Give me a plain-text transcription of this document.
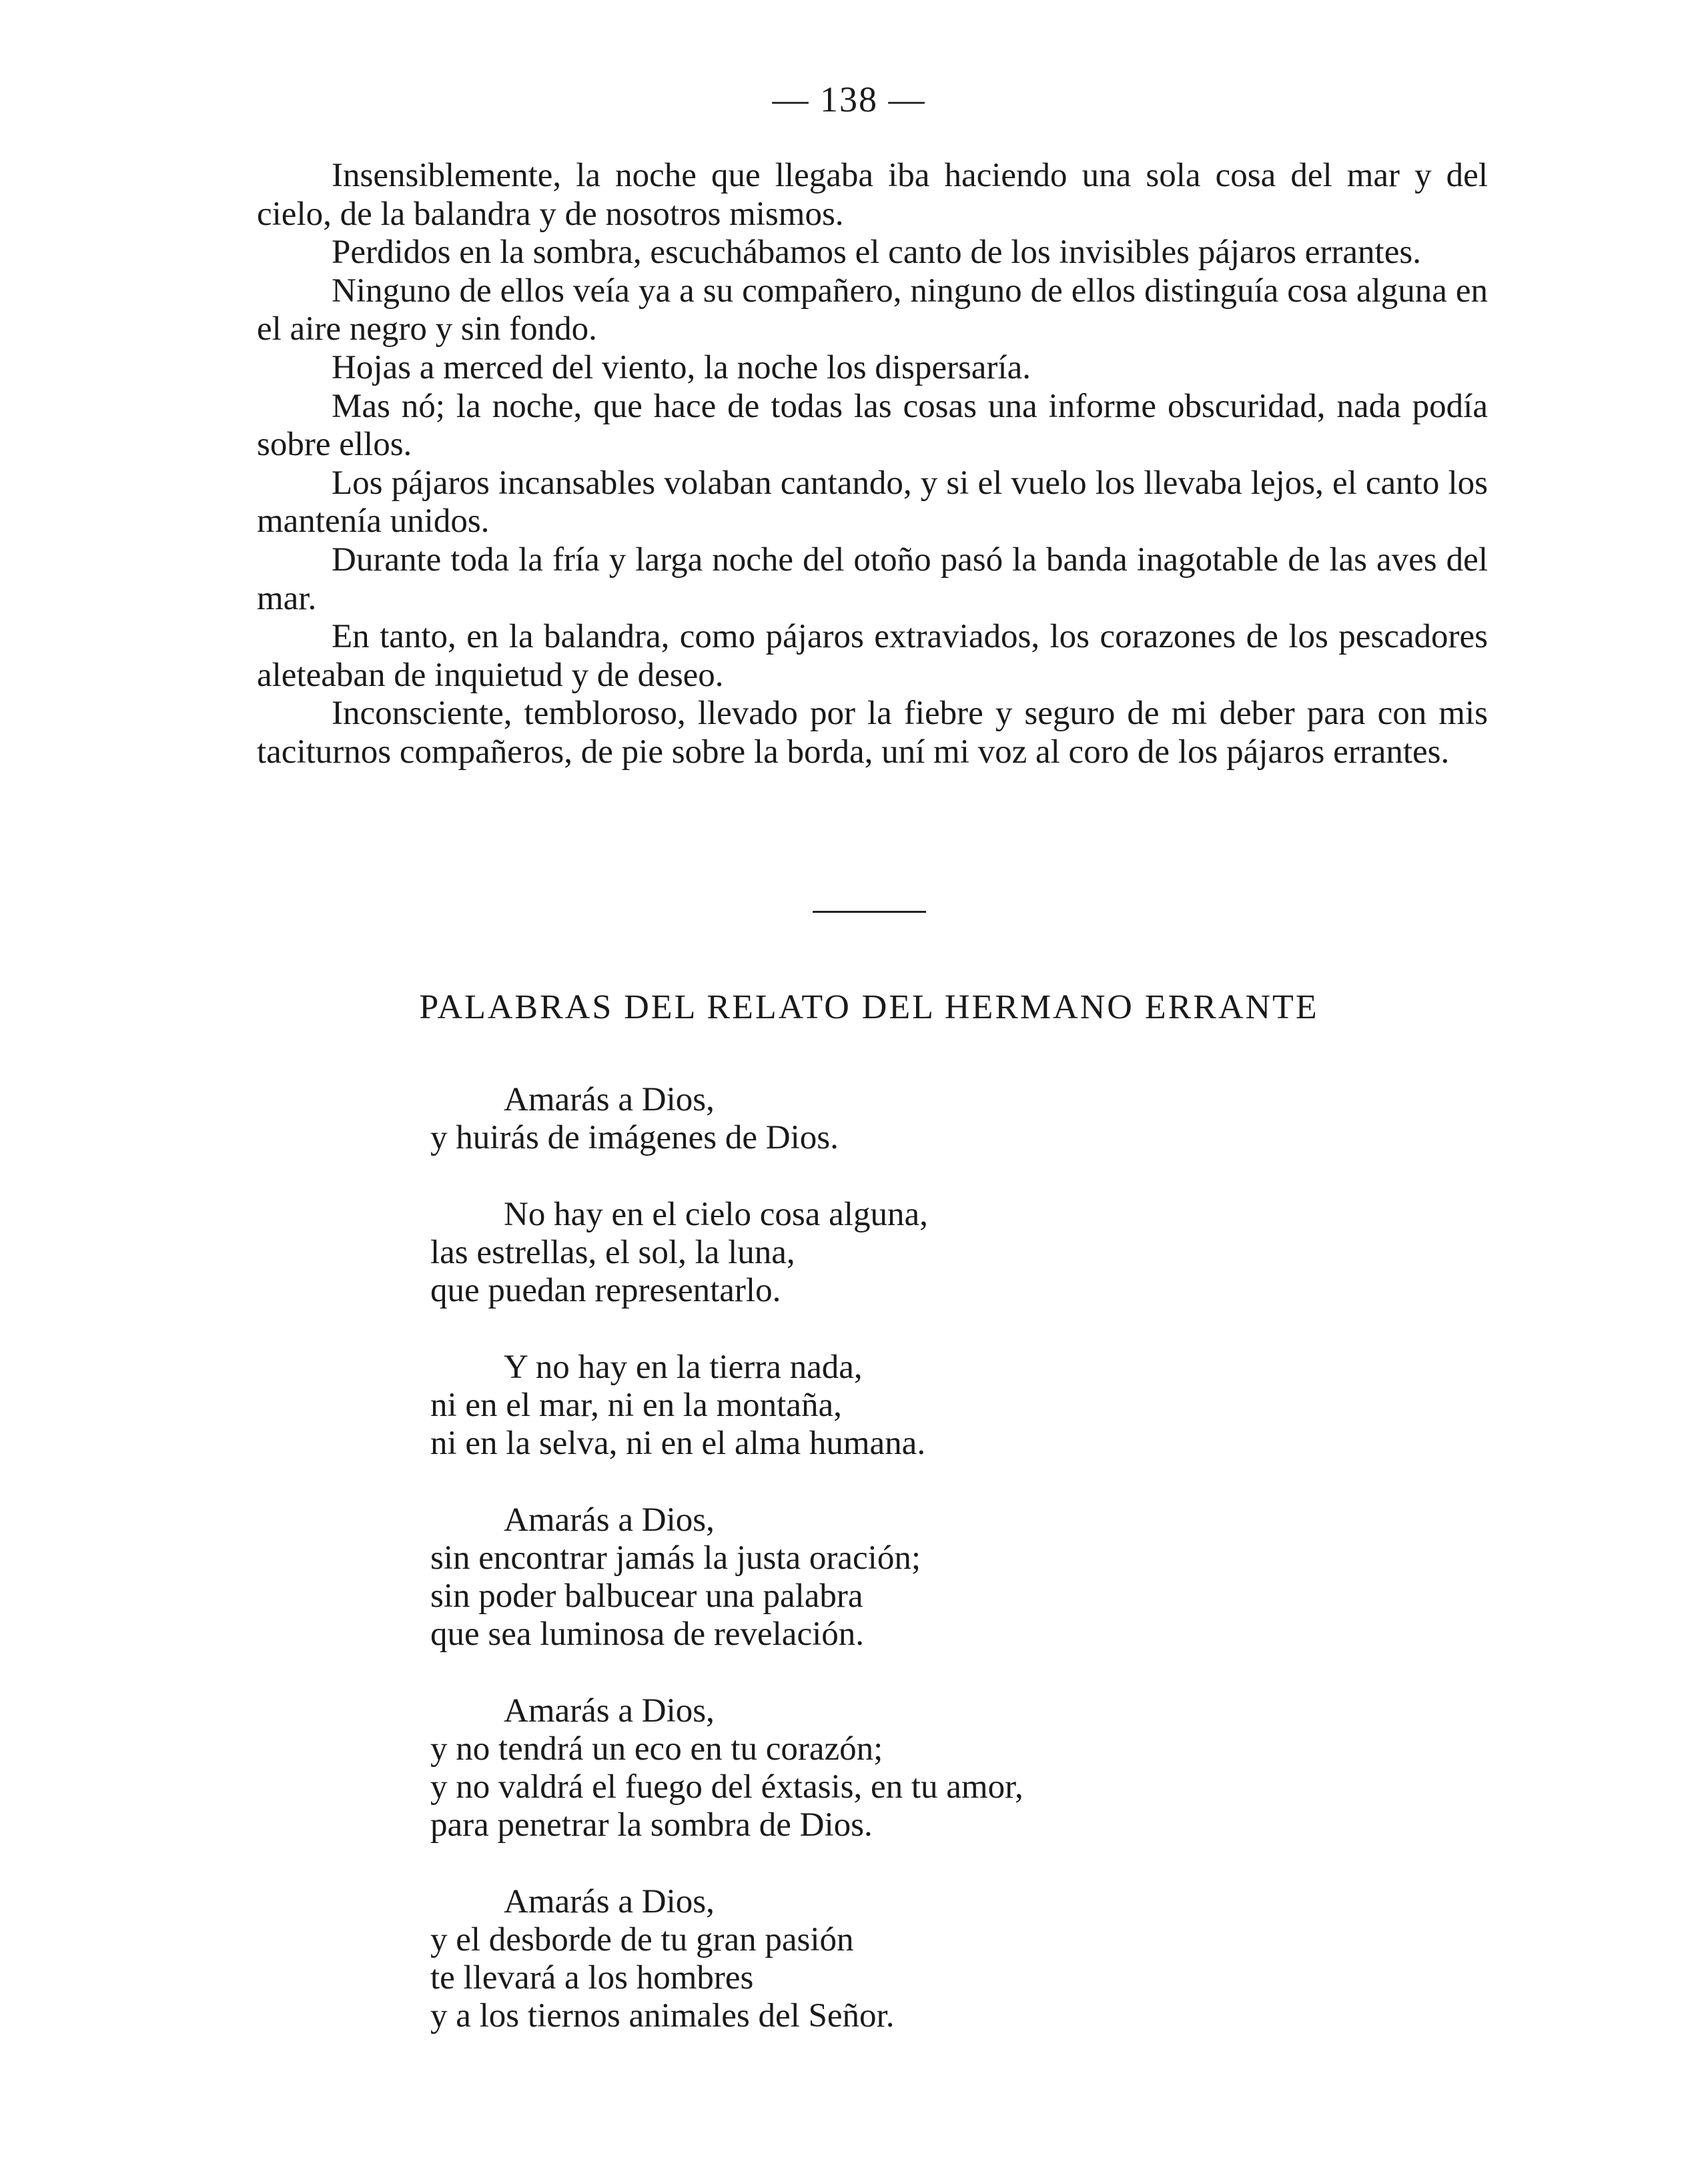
— 138 —

Insensiblemente, la noche que llegaba iba haciendo una sola cosa del mar y del cielo, de la balandra y de nosotros mismos.

Perdidos en la sombra, escuchábamos el canto de los invisibles pájaros errantes.

Ninguno de ellos veía ya a su compañero, ninguno de ellos distinguía cosa alguna en el aire negro y sin fondo.

Hojas a merced del viento, la noche los dispersaría.

Mas nó; la noche, que hace de todas las cosas una informe obscuridad, nada podía sobre ellos.

Los pájaros incansables volaban cantando, y si el vuelo los llevaba lejos, el canto los mantenía unidos.

Durante toda la fría y larga noche del otoño pasó la banda inagotable de las aves del mar.

En tanto, en la balandra, como pájaros extraviados, los corazones de los pescadores aleteaban de inquietud y de deseo.

Inconsciente, tembloroso, llevado por la fiebre y seguro de mi deber para con mis taciturnos compañeros, de pie sobre la borda, uní mi voz al coro de los pájaros errantes.

PALABRAS DEL RELATO DEL HERMANO ERRANTE
Amarás a Dios,
y huirás de imágenes de Dios.
No hay en el cielo cosa alguna,
las estrellas, el sol, la luna,
que puedan representarlo.
Y no hay en la tierra nada,
ni en el mar, ni en la montaña,
ni en la selva, ni en el alma humana.
Amarás a Dios,
sin encontrar jamás la justa oración;
sin poder balbucear una palabra
que sea luminosa de revelación.
Amarás a Dios,
y no tendrá un eco en tu corazón;
y no valdrá el fuego del éxtasis, en tu amor,
para penetrar la sombra de Dios.
Amarás a Dios,
y el desborde de tu gran pasión
te llevará a los hombres
y a los tiernos animales del Señor.
